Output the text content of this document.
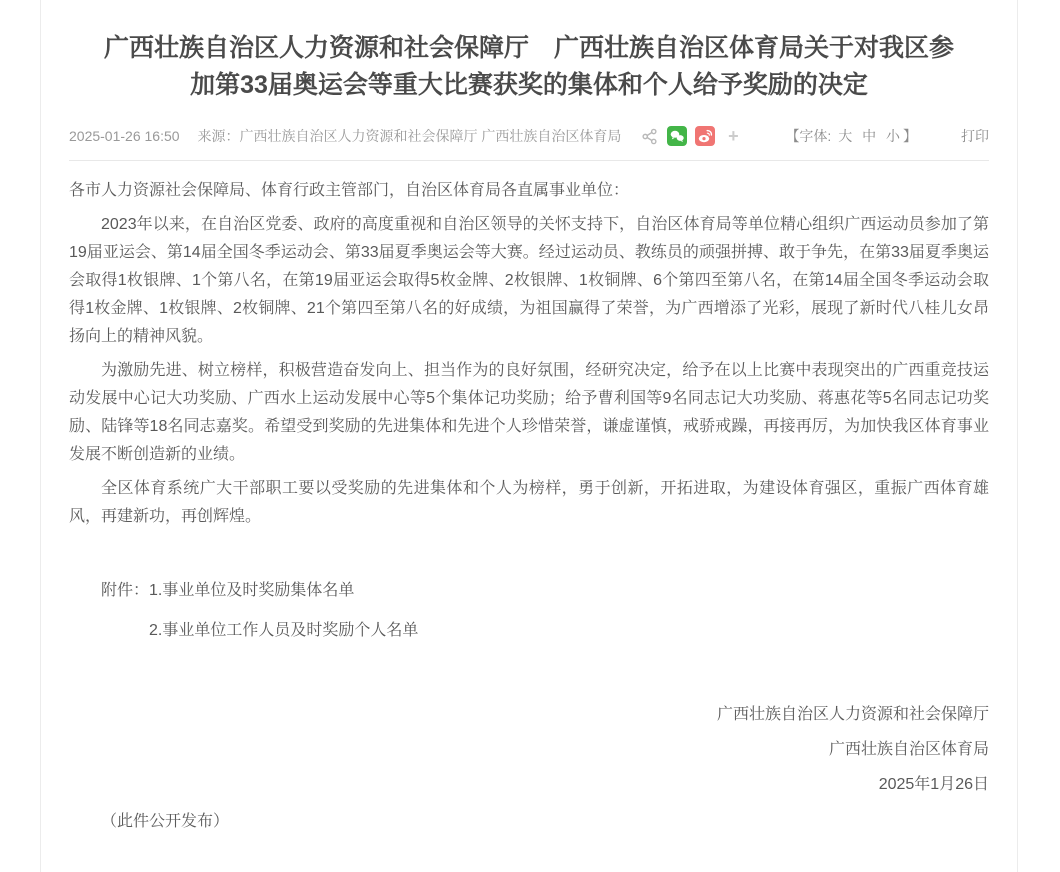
广西壮族自治区人力资源和社会保障厅　广西壮族自治区体育局关于对我区参加第33届奥运会等重大比赛获奖的集体和个人给予奖励的决定
2025-01-26 16:50 来源：广西壮族自治区人力资源和社会保障厅 广西壮族自治区体育局	+	【字体: 大 中 小 】	打印

各市人力资源社会保障局、体育行政主管部门，自治区体育局各直属事业单位：

2023年以来，在自治区党委、政府的高度重视和自治区领导的关怀支持下，自治区体育局等单位精心组织广西运动员参加了第19届亚运会、第14届全国冬季运动会、第33届夏季奥运会等大赛。经过运动员、教练员的顽强拼搏、敢于争先，在第33届夏季奥运会取得1枚银牌、1个第八名，在第19届亚运会取得5枚金牌、2枚银牌、1枚铜牌、6个第四至第八名，在第14届全国冬季运动会取得1枚金牌、1枚银牌、2枚铜牌、21个第四至第八名的好成绩，为祖国赢得了荣誉，为广西增添了光彩，展现了新时代八桂儿女昂扬向上的精神风貌。

为激励先进、树立榜样，积极营造奋发向上、担当作为的良好氛围，经研究决定，给予在以上比赛中表现突出的广西重竞技运动发展中心记大功奖励、广西水上运动发展中心等5个集体记功奖励；给予曹利国等9名同志记大功奖励、蒋惠花等5名同志记功奖励、陆锋等18名同志嘉奖。希望受到奖励的先进集体和先进个人珍惜荣誉，谦虚谨慎，戒骄戒躁，再接再厉，为加快我区体育事业发展不断创造新的业绩。

全区体育系统广大干部职工要以受奖励的先进集体和个人为榜样，勇于创新，开拓进取，为建设体育强区，重振广西体育雄风，再建新功，再创辉煌。

附件：1.事业单位及时奖励集体名单

2.事业单位工作人员及时奖励个人名单

广西壮族自治区人力资源和社会保障厅

广西壮族自治区体育局

2025年1月26日

（此件公开发布）
